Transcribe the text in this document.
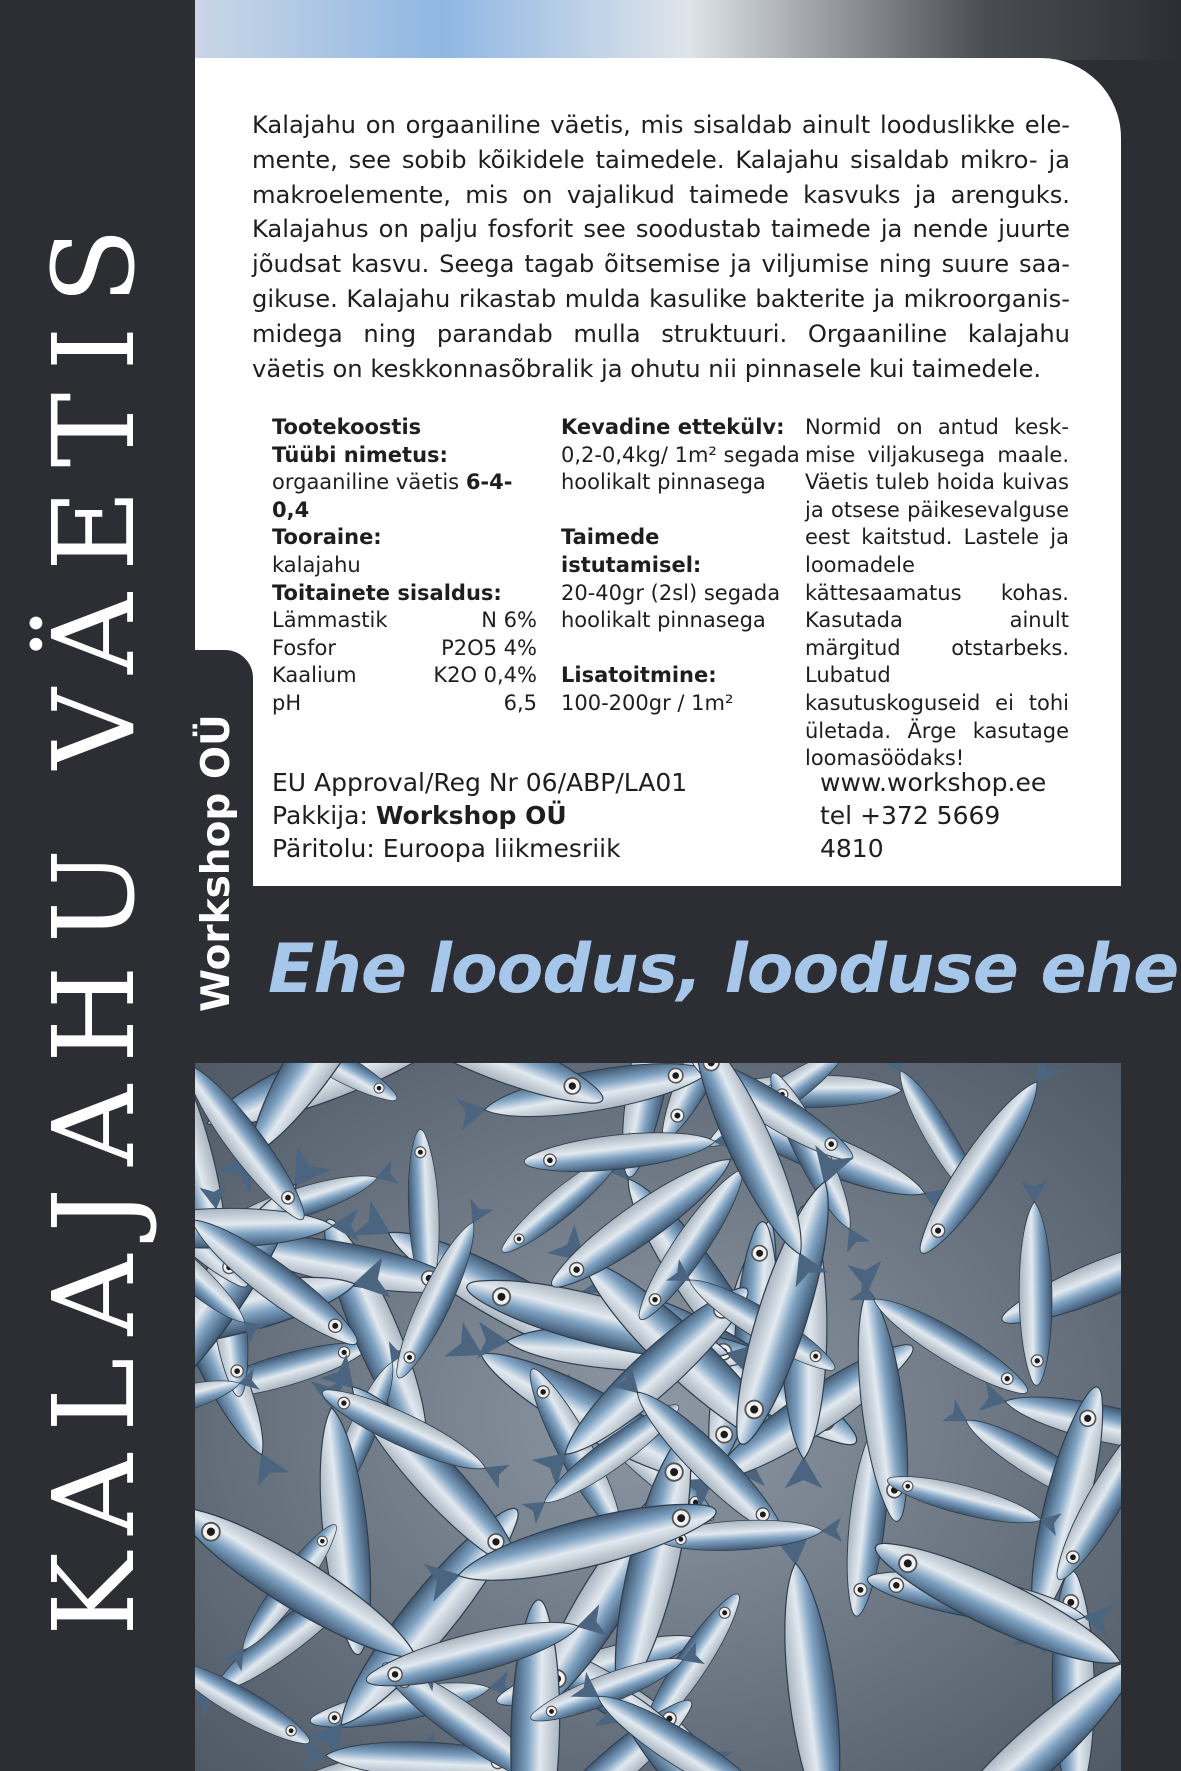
KALAJAHU VÄETIS Workshop OÜ
Kalajahu on orgaaniline väetis, mis sisaldab ainult looduslikke elemente, see sobib kõikidele taimedele. Kalajahu sisaldab mikro- ja makroelemente, mis on vajalikud taimede kasvuks ja arenguks. Kalajahus on palju fosforit see soodustab taimede ja nende juurte jõudsat kasvu. Seega tagab õitsemise ja viljumise ning suure saagikuse. Kalajahu rikastab mulda kasulike bakterite ja mikroorganismidega ning parandab mulla struktuuri. Orgaaniline kalajahu väetis on keskkonnasõbralik ja ohutu nii pinnasele kui taimedele.
Tootekoostis
Tüübi nimetus:
orgaaniline väetis 6-4-0,4
Tooraine:
kalajahu
Toitainete sisaldus:
Lämmastik	N 6%
Fosfor	P2O5 4%
Kaalium	K2O 0,4%
pH	6,5
Kevadine ettekülv:
0,2-0,4kg/ 1m² segada hoolikalt pinnasega
Taimede istutamisel:
20-40gr (2sl) segada hoolikalt pinnasega
Lisatoitmine:
100-200gr / 1m²
Normid on antud keskmise viljakusega maale. Väetis tuleb hoida kuivas ja otsese päikesevalguse eest kaitstud. Lastele ja loomadele kättesaamatus kohas. Kasutada ainult märgitud otstarbeks. Lubatud kasutuskoguseid ei tohi ületada. Ärge kasutage loomasöödaks!
EU Approval/Reg Nr 06/ABP/LA01
Pakkija: Workshop OÜ
Päritolu: Euroopa liikmesriik
www.workshop.ee
tel +372 5669 4810
Ehe loodus, looduse ehe
